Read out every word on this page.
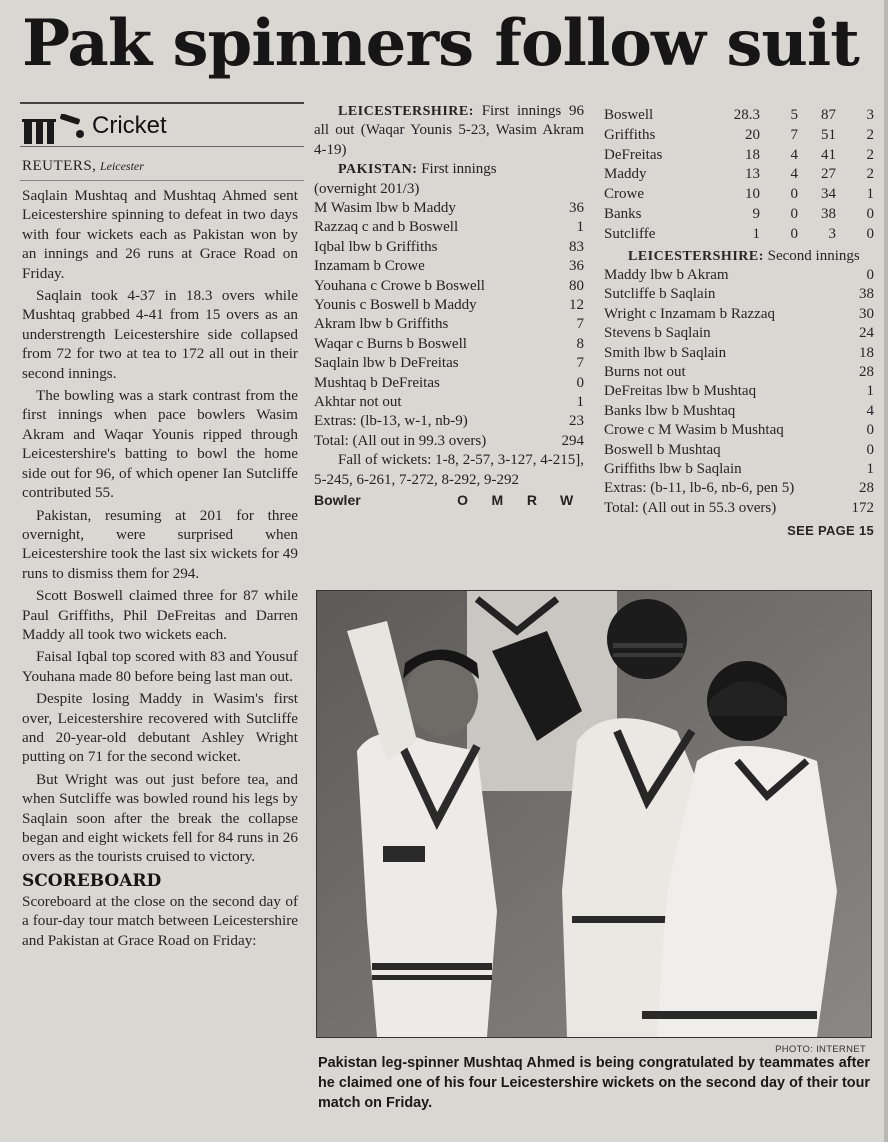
Pak spinners follow suit
Cricket
REUTERS, Leicester

Saqlain Mushtaq and Mushtaq Ahmed sent Leicestershire spinning to defeat in two days with four wickets each as Pakistan won by an innings and 26 runs at Grace Road on Friday.

Saqlain took 4-37 in 18.3 overs while Mushtaq grabbed 4-41 from 15 overs as an understrength Leicestershire side collapsed from 72 for two at tea to 172 all out in their second innings.

The bowling was a stark contrast from the first innings when pace bowlers Wasim Akram and Waqar Younis ripped through Leicestershire's batting to bowl the home side out for 96, of which opener Ian Sutcliffe contributed 55.

Pakistan, resuming at 201 for three overnight, were surprised when Leicestershire took the last six wickets for 49 runs to dismiss them for 294.

Scott Boswell claimed three for 87 while Paul Griffiths, Phil DeFreitas and Darren Maddy all took two wickets each.

Faisal Iqbal top scored with 83 and Yousuf Youhana made 80 before being last man out.

Despite losing Maddy in Wasim's first over, Leicestershire recovered with Sutcliffe and 20-year-old debutant Ashley Wright putting on 71 for the second wicket.

But Wright was out just before tea, and when Sutcliffe was bowled round his legs by Saqlain soon after the break the collapse began and eight wickets fell for 84 runs in 26 overs as the tourists cruised to victory.

SCOREBOARD

Scoreboard at the close on the second day of a four-day tour match between Leicestershire and Pakistan at Grace Road on Friday:

LEICESTERSHIRE: First innings 96 all out (Waqar Younis 5-23, Wasim Akram 4-19)

PAKISTAN: First innings

(overnight 201/3)

M Wasim lbw b Maddy	36
Razzaq c and b Boswell	1
Iqbal lbw b Griffiths	83
Inzamam b Crowe	36
Youhana c Crowe b Boswell	80
Younis c Boswell b Maddy	12
Akram lbw b Griffiths	7
Waqar c Burns b Boswell	8
Saqlain lbw b DeFreitas	7
Mushtaq b DeFreitas	0
Akhtar not out	1
Extras: (lb-13, w-1, nb-9)	23
Total: (All out in 99.3 overs)	294

Fall of wickets: 1-8, 2-57, 3-127, 4-215], 5-245, 6-261, 7-272, 8-292, 9-292

Bowler	O	M	R	W
Boswell	28.3	5	87	3
Griffiths	20	7	51	2
DeFreitas	18	4	41	2
Maddy	13	4	27	2
Crowe	10	0	34	1
Banks	9	0	38	0
Sutcliffe	1	0	3	0

LEICESTERSHIRE: Second innings

Maddy lbw b Akram	0
Sutcliffe b Saqlain	38
Wright c Inzamam b Razzaq	30
Stevens b Saqlain	24
Smith lbw b Saqlain	18
Burns not out	28
DeFreitas lbw b Mushtaq	1
Banks lbw b Mushtaq	4
Crowe c M Wasim b Mushtaq	0
Boswell b Mushtaq	0
Griffiths lbw b Saqlain	1
Extras: (b-11, lb-6, nb-6, pen 5)	28
Total: (All out in 55.3 overs)	172
SEE PAGE 15
PHOTO: INTERNET
Pakistan leg-spinner Mushtaq Ahmed is being congratulated by teammates after he claimed one of his four Leicestershire wickets on the second day of their tour match on Friday.
